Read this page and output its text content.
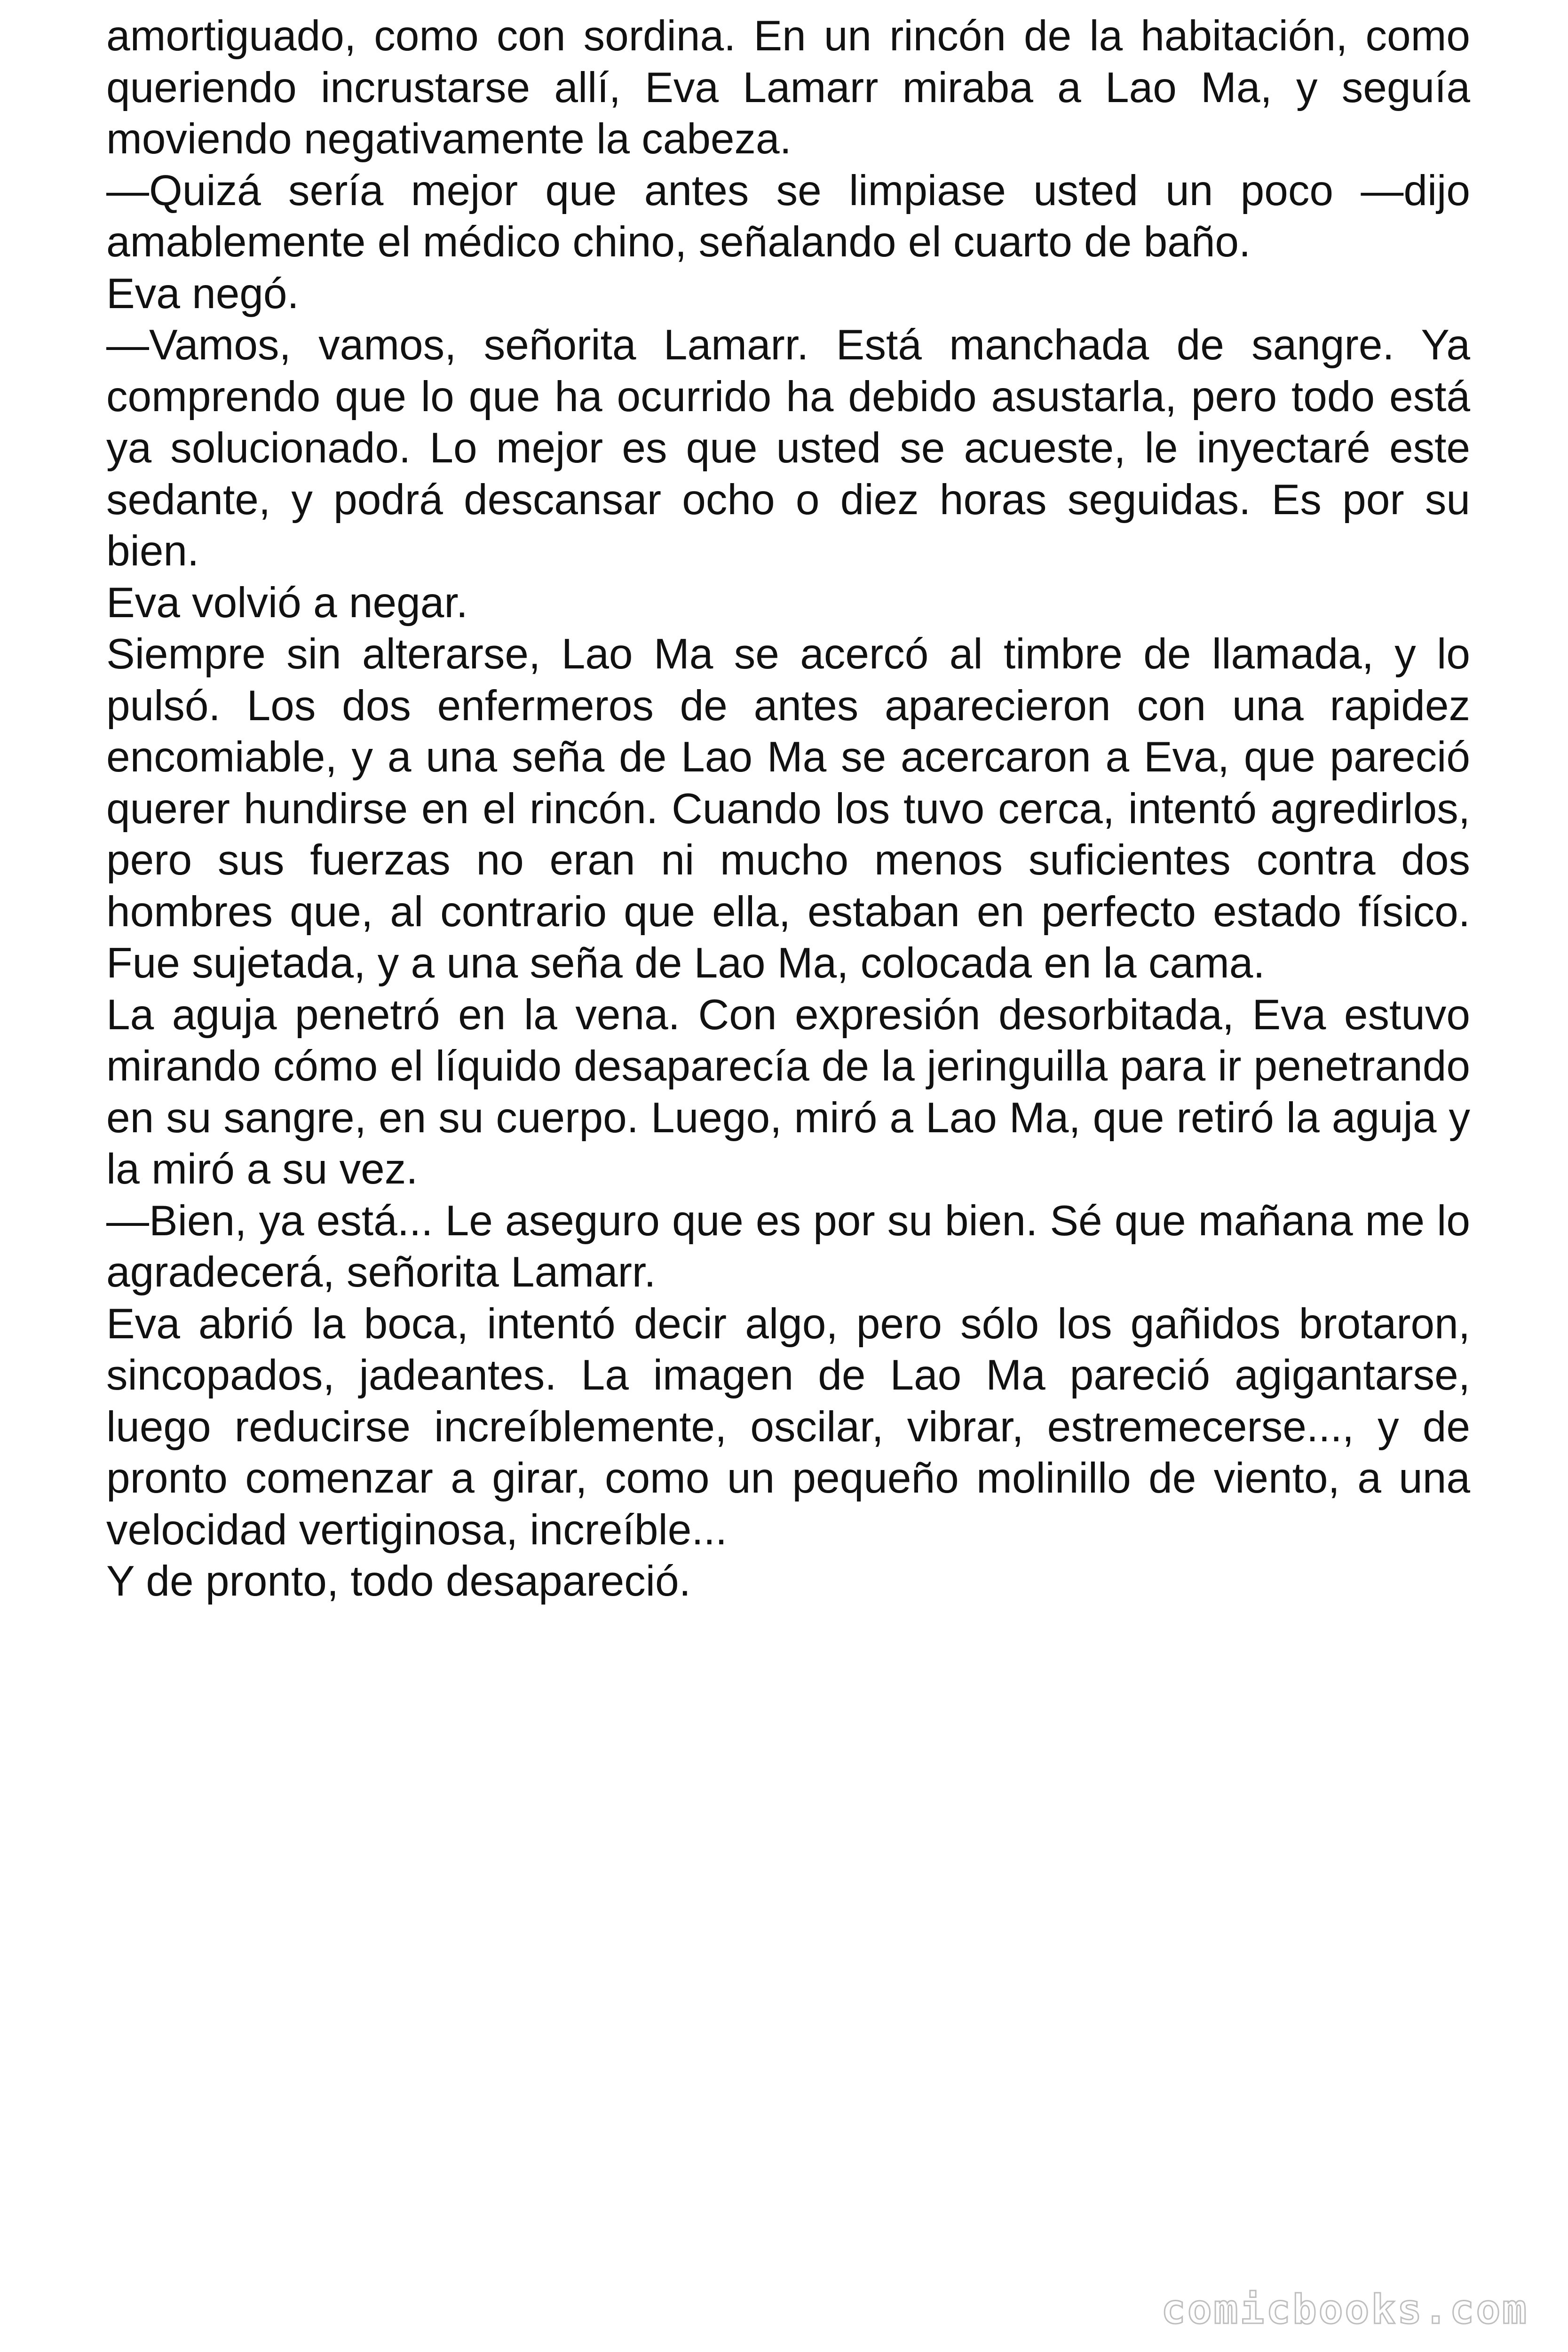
amortiguado, como con sordina. En un rincón de la habitación, como queriendo incrustarse allí, Eva Lamarr miraba a Lao Ma, y seguía moviendo negativamente la cabeza.

—Quizá sería mejor que antes se limpiase usted un poco —dijo amablemente el médico chino, señalando el cuarto de baño.

Eva negó.

—Vamos, vamos, señorita Lamarr. Está manchada de sangre. Ya comprendo que lo que ha ocurrido ha debido asustarla, pero todo está ya solucionado. Lo mejor es que usted se acueste, le inyectaré este sedante, y podrá descansar ocho o diez horas seguidas. Es por su bien.

Eva volvió a negar.

Siempre sin alterarse, Lao Ma se acercó al timbre de llamada, y lo pulsó. Los dos enfermeros de antes aparecieron con una rapidez encomiable, y a una seña de Lao Ma se acercaron a Eva, que pareció querer hundirse en el rincón. Cuando los tuvo cerca, intentó agredirlos, pero sus fuerzas no eran ni mucho menos suficientes contra dos hombres que, al contrario que ella, estaban en perfecto estado físico. Fue sujetada, y a una seña de Lao Ma, colocada en la cama.

La aguja penetró en la vena. Con expresión desorbitada, Eva estuvo mirando cómo el líquido desaparecía de la jeringuilla para ir penetrando en su sangre, en su cuerpo. Luego, miró a Lao Ma, que retiró la aguja y la miró a su vez.

—Bien, ya está... Le aseguro que es por su bien. Sé que mañana me lo agradecerá, señorita Lamarr.

Eva abrió la boca, intentó decir algo, pero sólo los gañidos brotaron, sincopados, jadeantes. La imagen de Lao Ma pareció agigantarse, luego reducirse increíblemente, oscilar, vibrar, estremecerse..., y de pronto comenzar a girar, como un pequeño molinillo de viento, a una velocidad vertiginosa, increíble...

Y de pronto, todo desapareció.

comicbooks.com
